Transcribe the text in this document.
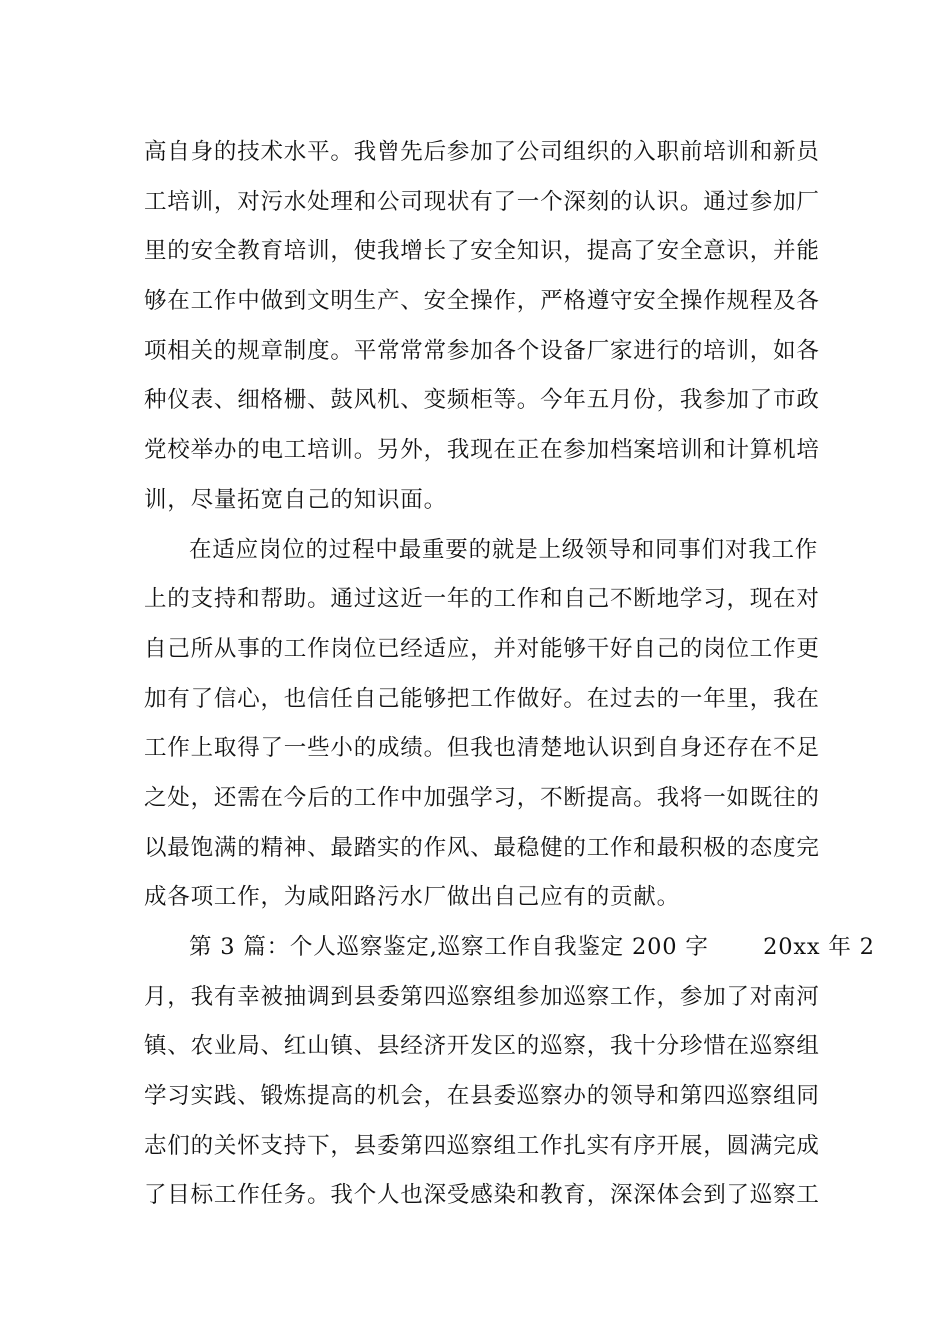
高自身的技术水平。我曾先后参加了公司组织的入职前培训和新员
工培训，对污水处理和公司现状有了一个深刻的认识。通过参加厂
里的安全教育培训，使我增长了安全知识，提高了安全意识，并能
够在工作中做到文明生产、安全操作，严格遵守安全操作规程及各
项相关的规章制度。平常常常参加各个设备厂家进行的培训，如各
种仪表、细格栅、鼓风机、变频柜等。今年五月份，我参加了市政
党校举办的电工培训。另外，我现在正在参加档案培训和计算机培
训，尽量拓宽自己的知识面。
在适应岗位的过程中最重要的就是上级领导和同事们对我工作
上的支持和帮助。通过这近一年的工作和自己不断地学习，现在对
自己所从事的工作岗位已经适应，并对能够干好自己的岗位工作更
加有了信心，也信任自己能够把工作做好。在过去的一年里，我在
工作上取得了一些小的成绩。但我也清楚地认识到自身还存在不足
之处，还需在今后的工作中加强学习，不断提高。我将一如既往的
以最饱满的精神、最踏实的作风、最稳健的工作和最积极的态度完
成各项工作，为咸阳路污水厂做出自己应有的贡献。
第 3 篇：个人巡察鉴定,巡察工作自我鉴定 200 字　　 20xx 年 2
月，我有幸被抽调到县委第四巡察组参加巡察工作，参加了对南河
镇、农业局、红山镇、县经济开发区的巡察，我十分珍惜在巡察组
学习实践、锻炼提高的机会，在县委巡察办的领导和第四巡察组同
志们的关怀支持下，县委第四巡察组工作扎实有序开展，圆满完成
了目标工作任务。我个人也深受感染和教育，深深体会到了巡察工
